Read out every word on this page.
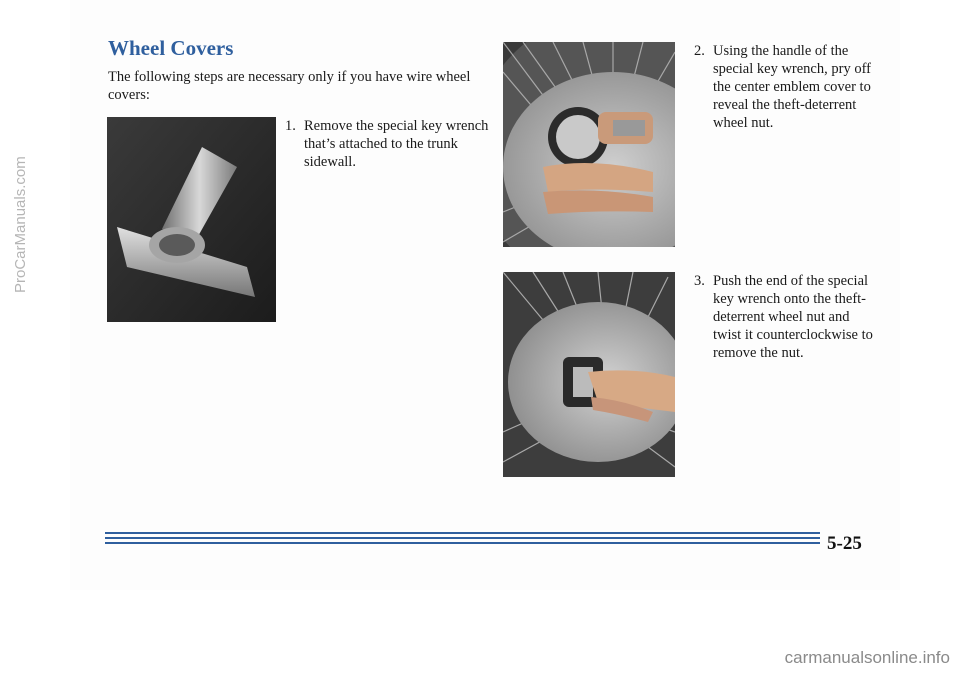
Wheel Covers

The following steps are necessary only if you have wire wheel covers:

1. Remove the special key wrench that’s attached to the trunk sidewall.
2. Using the handle of the special key wrench, pry off the center emblem cover to reveal the theft-deterrent wheel nut.
3. Push the end of the special key wrench onto the theft-deterrent wheel nut and twist it counterclockwise to remove the nut.
ProCarManuals.com
5-25
carmanualsonline.info
